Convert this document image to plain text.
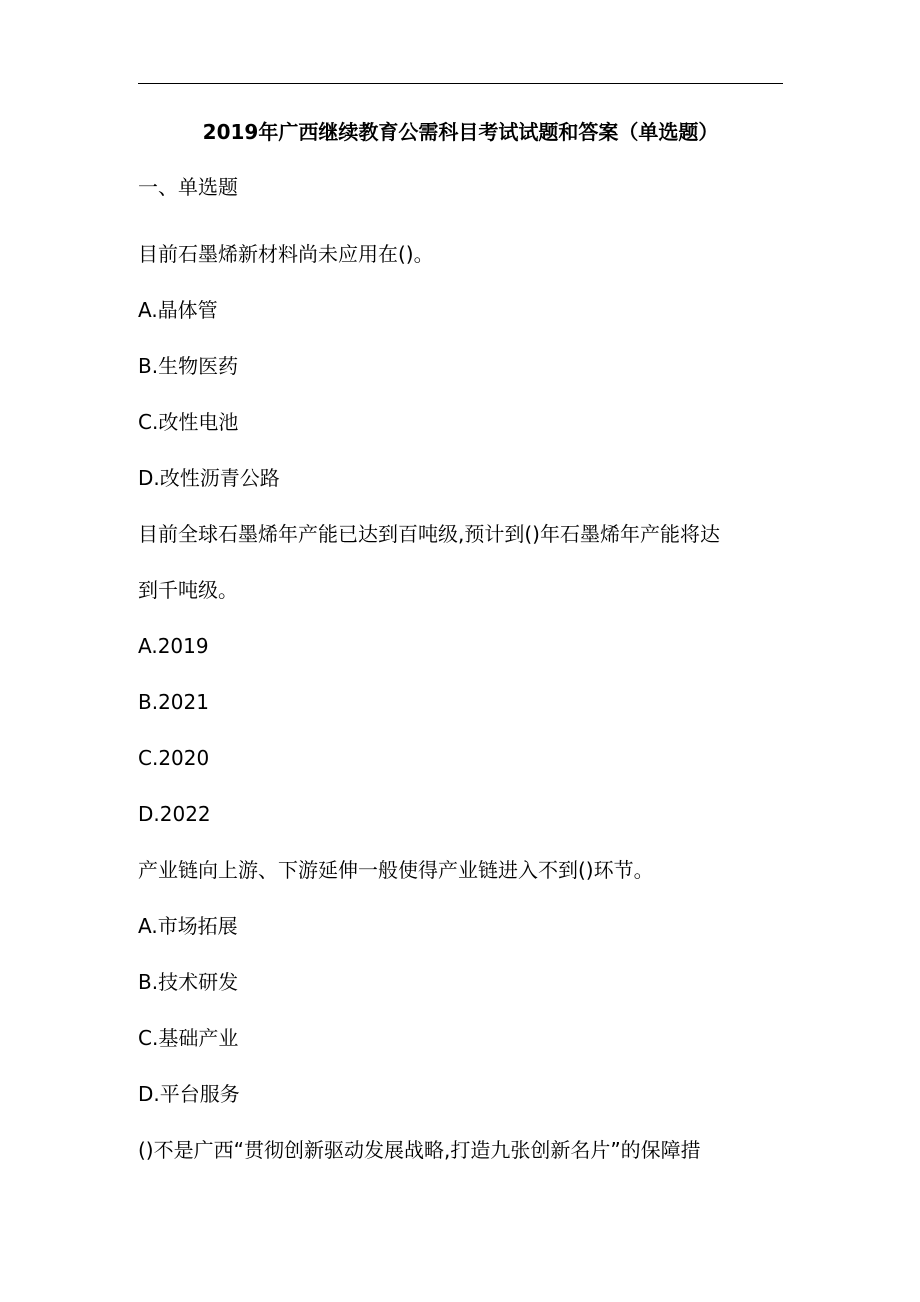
2019年广西继续教育公需科目考试试题和答案（单选题）
一、单选题

目前石墨烯新材料尚未应用在()。

A.晶体管

B.生物医药

C.改性电池

D.改性沥青公路

目前全球石墨烯年产能已达到百吨级,预计到()年石墨烯年产能将达
到千吨级。

A.2019

B.2021

C.2020

D.2022

产业链向上游、下游延伸一般使得产业链进入不到()环节。

A.市场拓展

B.技术研发

C.基础产业

D.平台服务

()不是广西“贯彻创新驱动发展战略,打造九张创新名片”的保障措
